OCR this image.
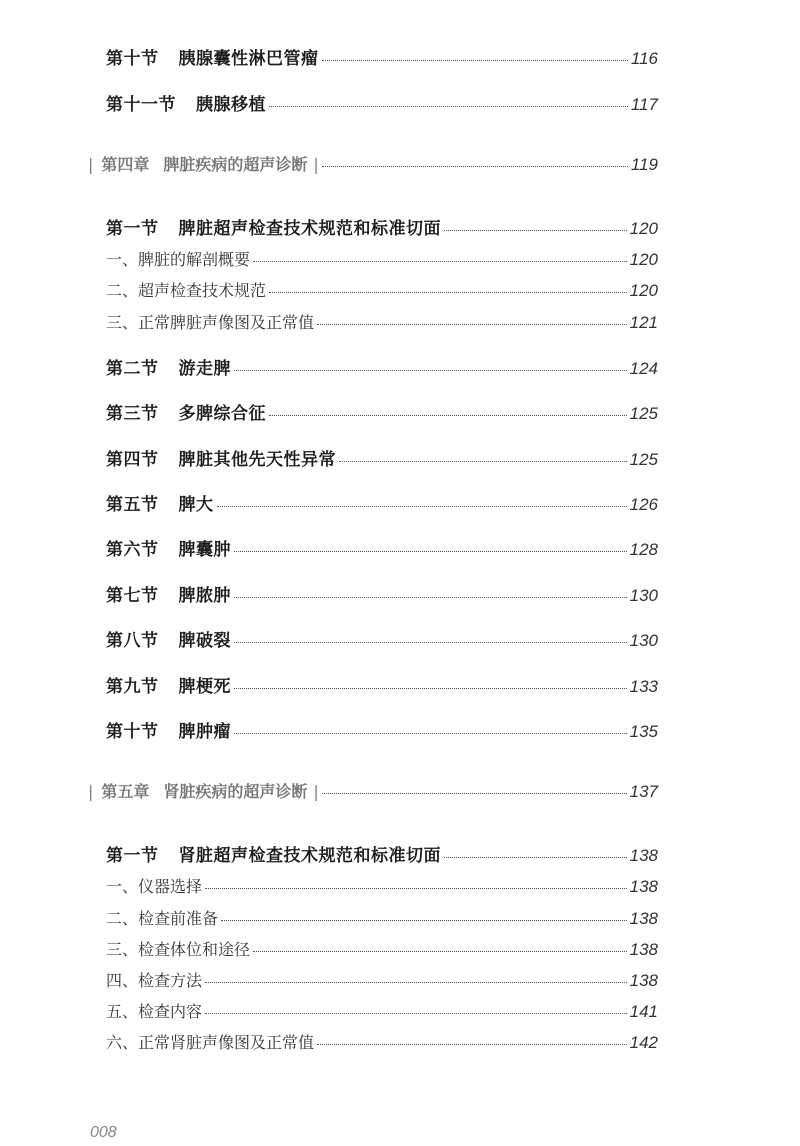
第十节 胰腺囊性淋巴管瘤	116
第十一节 胰腺移植	117
| 第四章 脾脏疾病的超声诊断 |	119
第一节 脾脏超声检查技术规范和标准切面	120
一、脾脏的解剖概要	120
二、超声检查技术规范	120
三、正常脾脏声像图及正常值	121
第二节 游走脾	124
第三节 多脾综合征	125
第四节 脾脏其他先天性异常	125
第五节 脾大	126
第六节 脾囊肿	128
第七节 脾脓肿	130
第八节 脾破裂	130
第九节 脾梗死	133
第十节 脾肿瘤	135
| 第五章 肾脏疾病的超声诊断 |	137
第一节 肾脏超声检查技术规范和标准切面	138
一、仪器选择	138
二、检查前准备	138
三、检查体位和途径	138
四、检查方法	138
五、检查内容	141
六、正常肾脏声像图及正常值	142
008
